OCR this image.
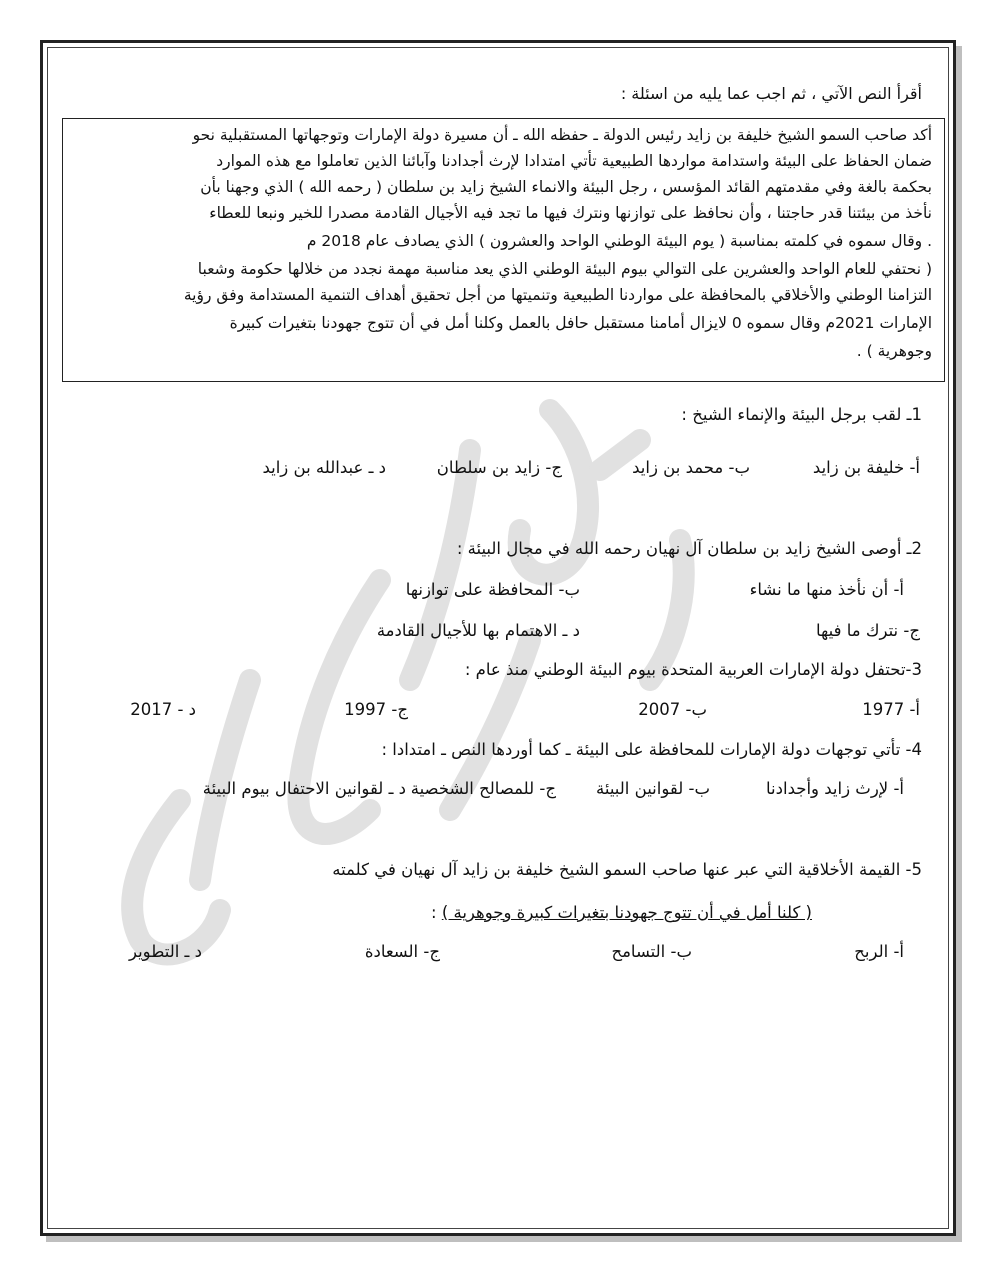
أقرأ النص الآتي ، ثم اجب عما يليه من اسئلة :
أكد صاحب السمو الشيخ خليفة بن زايد رئيس الدولة ـ حفظه الله ـ أن مسيرة دولة الإمارات وتوجهاتها المستقبلية نحو
ضمان الحفاظ على البيئة واستدامة مواردها الطبيعية تأتي امتدادا لإرث أجدادنا وآبائنا الذين تعاملوا مع هذه الموارد
بحكمة بالغة وفي مقدمتهم القائد المؤسس ، رجل البيئة والانماء الشيخ زايد بن سلطان ( رحمه الله ) الذي وجهنا بأن
نأخذ من بيئتنا قدر حاجتنا ، وأن نحافظ على توازنها ونترك فيها ما تجد فيه الأجيال القادمة مصدرا للخير ونبعا للعطاء
. وقال سموه في كلمته بمناسبة ( يوم البيئة الوطني الواحد والعشرون ) الذي يصادف عام 2018 م
( نحتفي للعام الواحد والعشرين على التوالي بيوم البيئة الوطني الذي يعد مناسبة مهمة نجدد من خلالها حكومة وشعبا
التزامنا الوطني والأخلاقي بالمحافظة على مواردنا الطبيعية وتنميتها من أجل تحقيق أهداف التنمية المستدامة وفق رؤية
الإمارات 2021م وقال سموه 0 لايزال أمامنا مستقبل حافل بالعمل وكلنا أمل في أن تتوج جهودنا بتغيرات كبيرة
وجوهرية ) .
1ـ لقب برجل البيئة والإنماء الشيخ :
أ- خليفة بن زايد
ب- محمد بن زايد
ج- زايد بن سلطان
د ـ عبدالله بن زايد
2ـ أوصى الشيخ زايد بن سلطان آل نهيان رحمه الله في مجال البيئة :
أ- أن نأخذ منها ما نشاء
ب- المحافظة على توازنها
ج- نترك ما فيها
د ـ الاهتمام بها للأجيال القادمة
3-تحتفل دولة الإمارات العربية المتحدة بيوم البيئة الوطني منذ عام :
أ- 1977
ب- 2007
ج- 1997
د - 2017
4- تأتي توجهات دولة الإمارات للمحافظة على البيئة ـ كما أوردها النص ـ امتدادا :
أ- لإرث زايد وأجدادنا
ب- لقوانين البيئة
ج- للمصالح الشخصية
د ـ لقوانين الاحتفال بيوم البيئة
5- القيمة الأخلاقية التي عبر عنها صاحب السمو الشيخ خليفة بن زايد آل نهيان في كلمته
( كلنا أمل في أن تتوج جهودنا بتغيرات كبيرة وجوهرية ) :
أ- الربح
ب- التسامح
ج- السعادة
د ـ التطوير
